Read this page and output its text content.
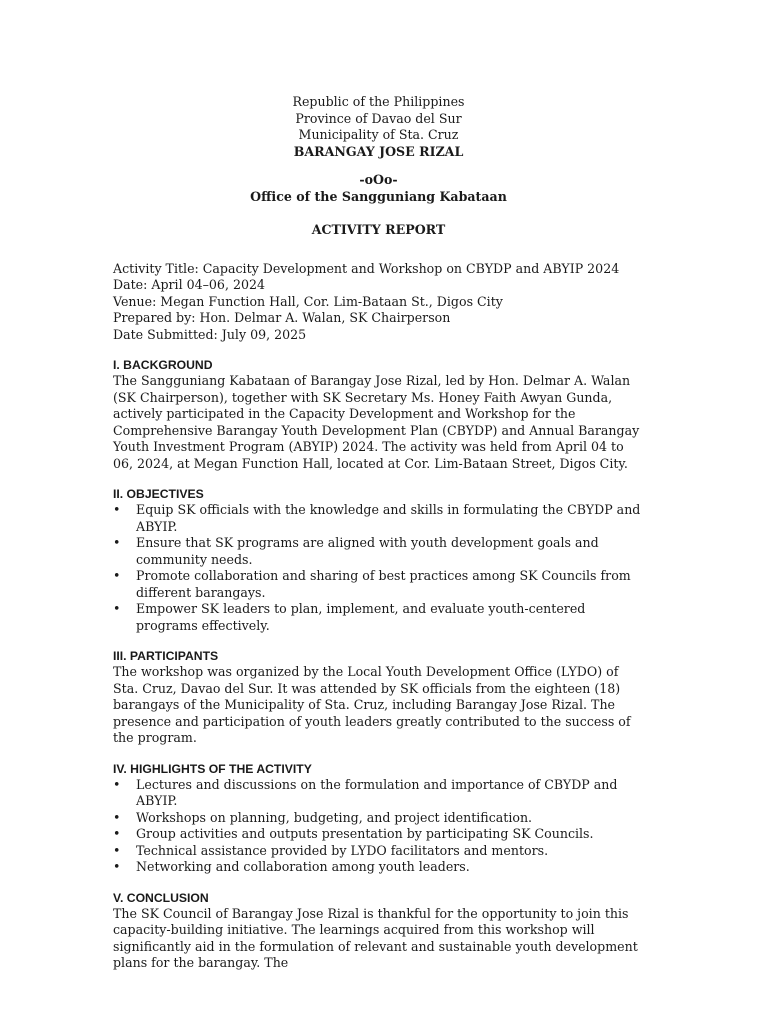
Republic of the Philippines
Province of Davao del Sur
Municipality of Sta. Cruz
BARANGAY JOSE RIZAL
-oOo-
Office of the Sangguniang Kabataan
ACTIVITY REPORT
Activity Title: Capacity Development and Workshop on CBYDP and ABYIP 2024
Date: April 04–06, 2024
Venue: Megan Function Hall, Cor. Lim-Bataan St., Digos City
Prepared by: Hon. Delmar A. Walan, SK Chairperson
Date Submitted: July 09, 2025
I. BACKGROUND

The Sangguniang Kabataan of Barangay Jose Rizal, led by Hon. Delmar A. Walan (SK Chairperson), together with SK Secretary Ms. Honey Faith Awyan Gunda, actively participated in the Capacity Development and Workshop for the Comprehensive Barangay Youth Development Plan (CBYDP) and Annual Barangay Youth Investment Program (ABYIP) 2024. The activity was held from April 04 to 06, 2024, at Megan Function Hall, located at Cor. Lim-Bataan Street, Digos City.

II. OBJECTIVES
•	Equip SK officials with the knowledge and skills in formulating the CBYDP and ABYIP.
•	Ensure that SK programs are aligned with youth development goals and community needs.
•	Promote collaboration and sharing of best practices among SK Councils from different barangays.
•	Empower SK leaders to plan, implement, and evaluate youth-centered programs effectively.
III. PARTICIPANTS

The workshop was organized by the Local Youth Development Office (LYDO) of Sta. Cruz, Davao del Sur. It was attended by SK officials from the eighteen (18) barangays of the Municipality of Sta. Cruz, including Barangay Jose Rizal. The presence and participation of youth leaders greatly contributed to the success of the program.

IV. HIGHLIGHTS OF THE ACTIVITY
•	Lectures and discussions on the formulation and importance of CBYDP and ABYIP.
•	Workshops on planning, budgeting, and project identification.
•	Group activities and outputs presentation by participating SK Councils.
•	Technical assistance provided by LYDO facilitators and mentors.
•	Networking and collaboration among youth leaders.
V. CONCLUSION

The SK Council of Barangay Jose Rizal is thankful for the opportunity to join this capacity-building initiative. The learnings acquired from this workshop will significantly aid in the formulation of relevant and sustainable youth development plans for the barangay. The
